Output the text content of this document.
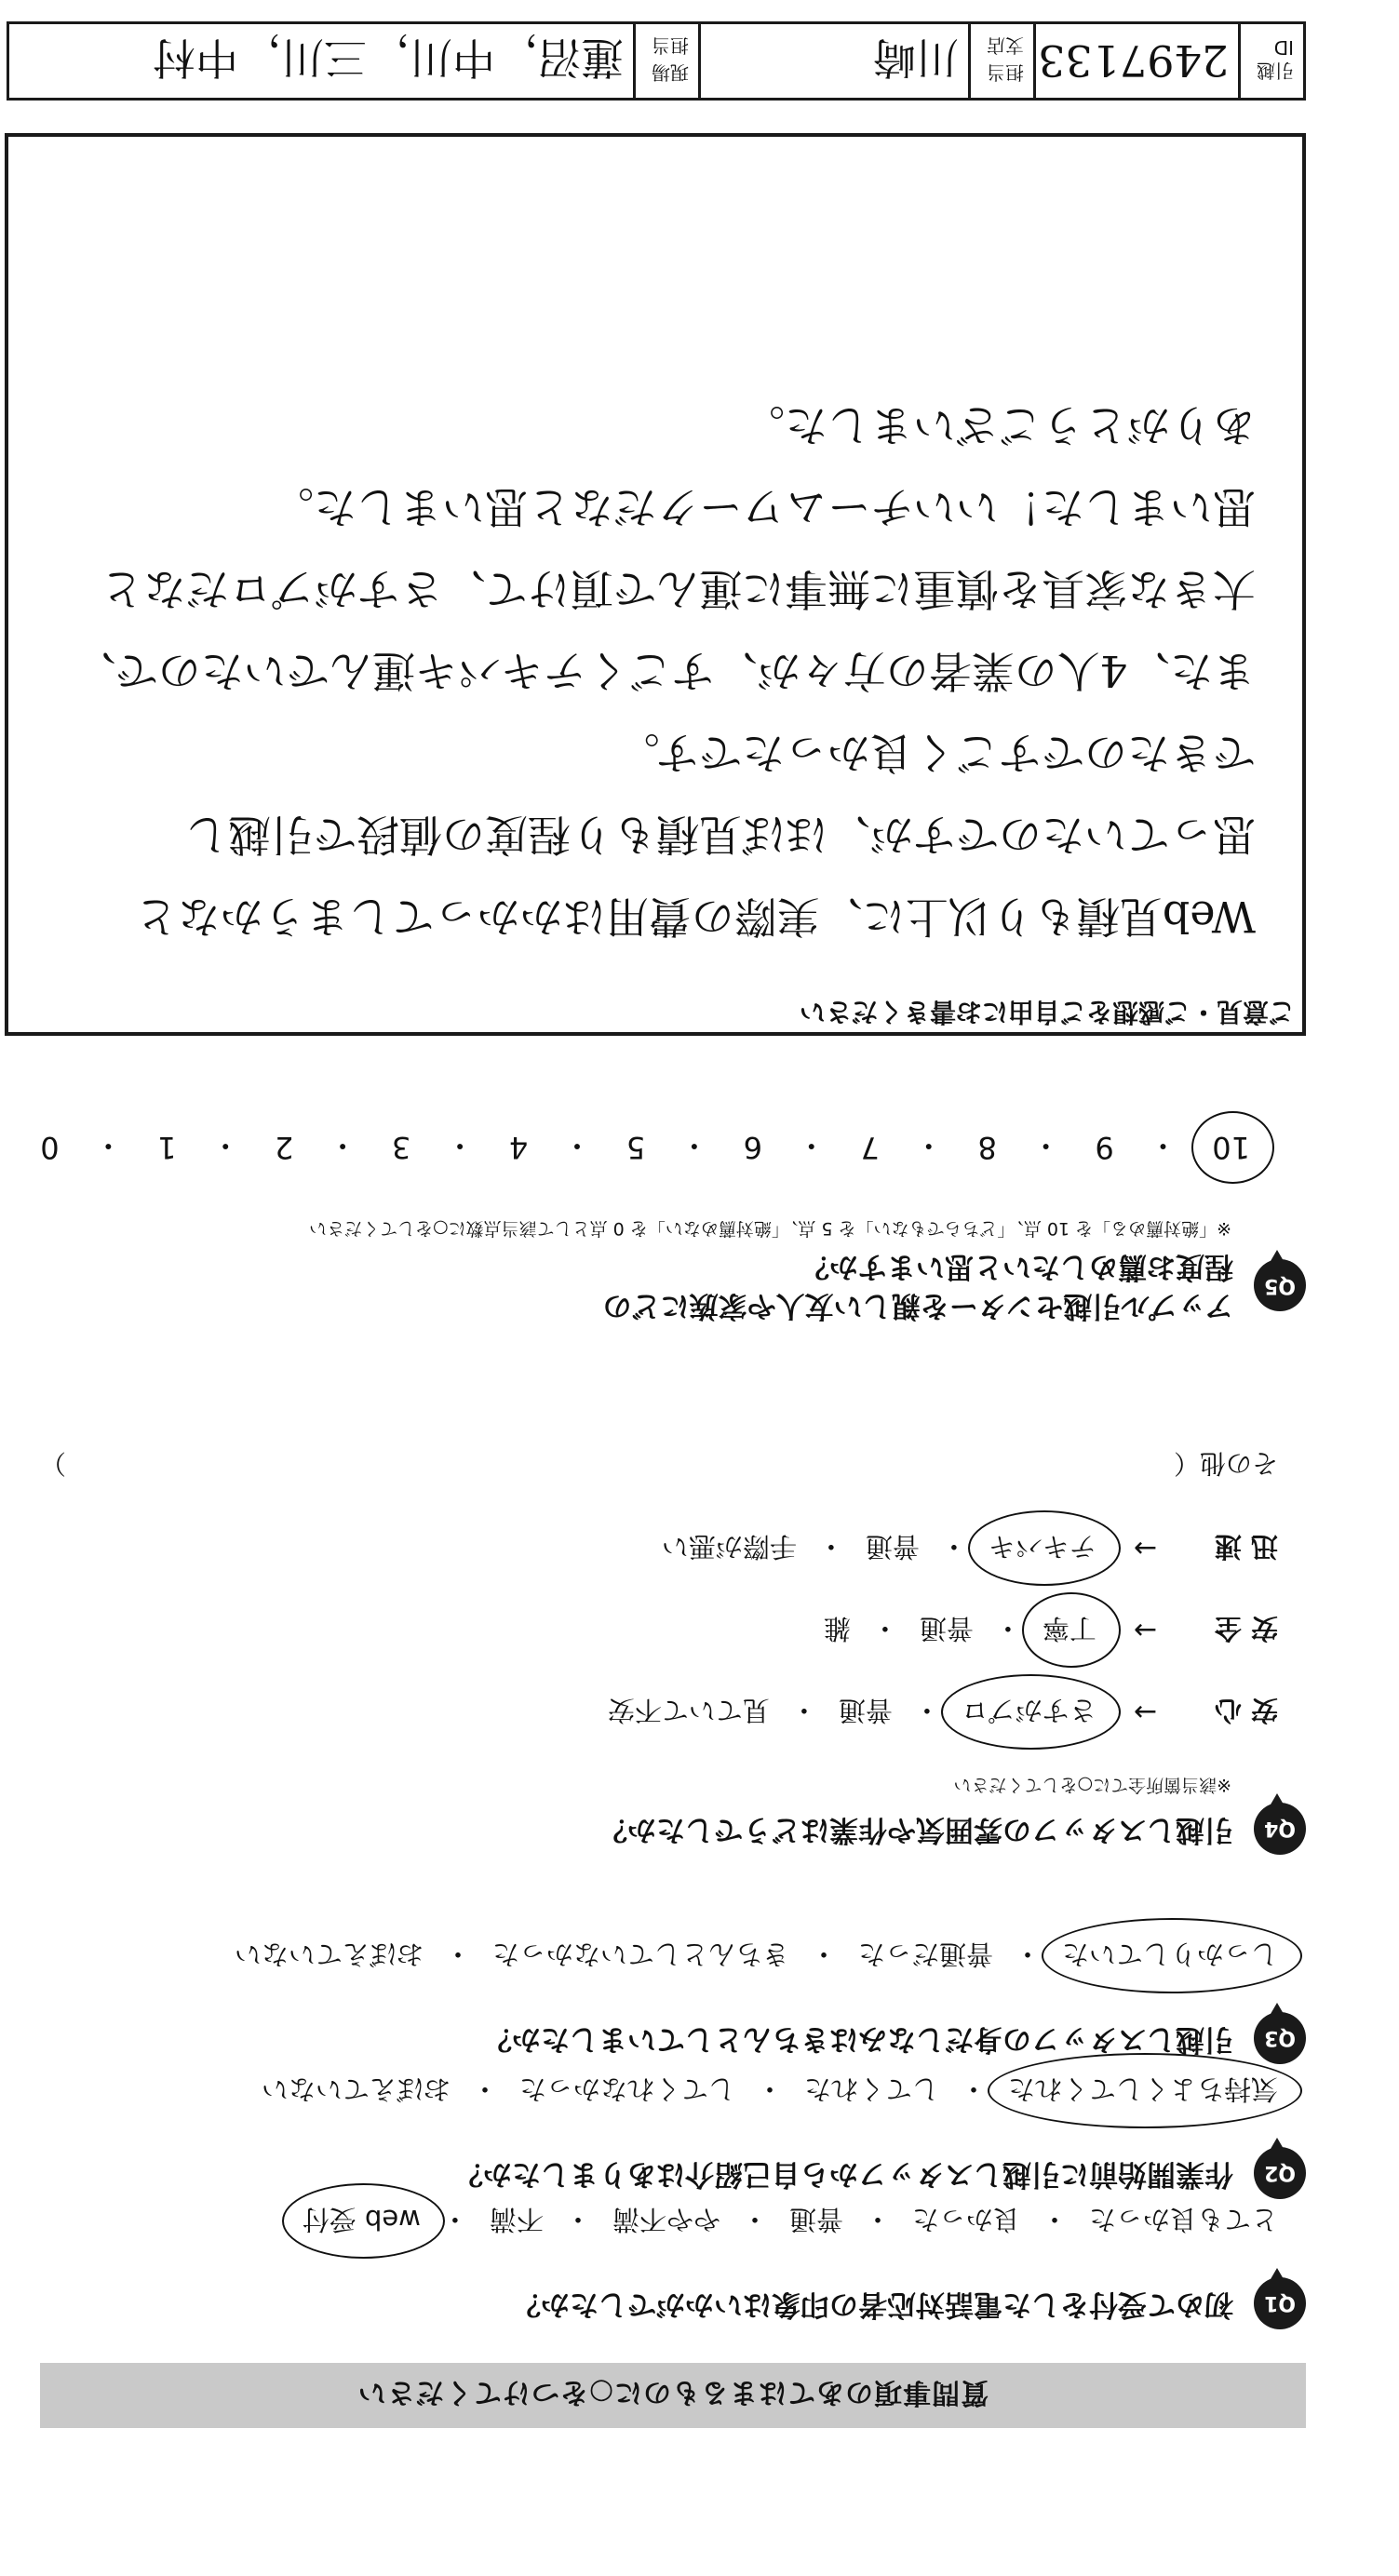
質問事項のあてはまるものに○をつけてください
Q1
初めて受付をした電話対応者の印象はいかがでしたか？
とても良かった
・
良かった
・
普通
・
やや不満
・
不満
・
web 受付
Q2
作業開始前に引越しスタッフから自己紹介はありましたか？
気持ちよくしてくれた
・
してくれた
・
してくれなかった
・
おぼえていない
Q3
引越しスタッフの身だしなみはきちんとしていましたか？
しっかりしていた
・
普通だった
・
きちんとしていなかった
・
おぼえていない
Q4
引越しスタッフの雰囲気や作業はどうでしたか？
※該当箇所全てに○をしてください
安心
→
さすがプロ
・
普通
・
見ていて不安
安全
→
丁寧
・
普通
・
雑
迅速
→
テキパキ
・
普通
・
手際が悪い
その他（
）
Q5
アップル引越センターを親しい友人や家族にどの程度お薦めしたいと思いますか？
※「絶対薦める」を 10 点、「どちらでもない」を 5 点、「絶対薦めない」を 0 点として該当点数に○をしてください
10
・
9
・
8
・
7
・
6
・
5
・
4
・
3
・
2
・
1
・
0
ご意見・ご感想をご自由にお書きください
Web見積もり以上に、実際の費用はかかってしまうかなと
思っていたのですが、ほぼ見積もり程度の値段で引越し
できたのですごく良かったです。
また、4人の業者の方々が、すごくテキパキ運んでいたので、
大きな家具を慎重に無事に運んで頂けて、さすがプロだなと
思いました！いいチームワークだなと思いました。
ありがとうございました。
引越ID
2497133
担当支店
川崎
現場担当
蓮沼，中川，三川，中村
